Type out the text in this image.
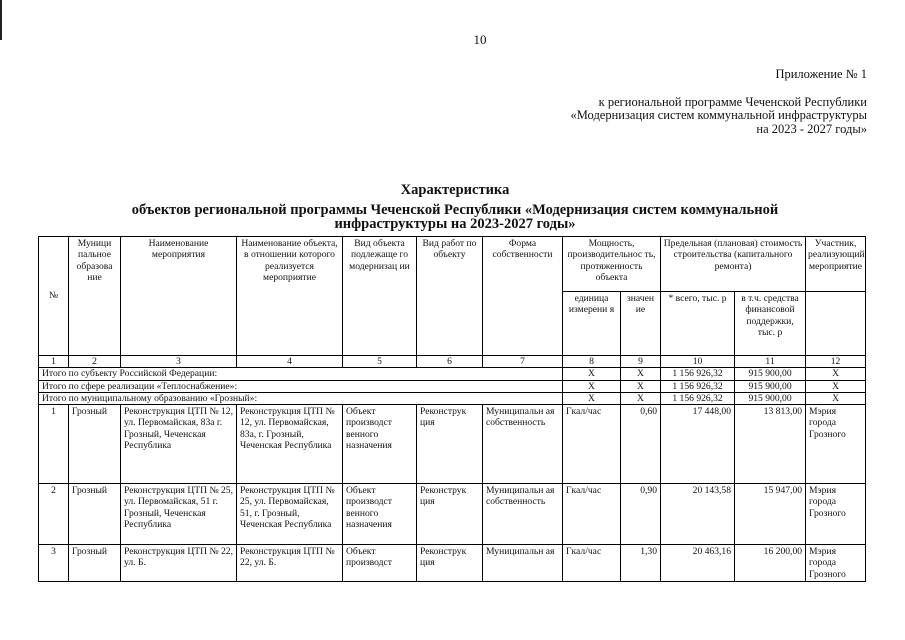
10
Приложение № 1
к региональной программе Чеченской Республики
«Модернизация систем коммунальной инфраструктуры
на 2023 - 2027 годы»
Характеристика
объектов региональной программы Чеченской Республики «Модернизация систем коммунальной
инфраструктуры на 2023-2027 годы»
№	Муници пальное образова ние	Наименование мероприятия	Наименование объекта, в отношении которого реализуется мероприятие	Вид объекта подлежаще го модернизац ии	Вид работ по объекту	Форма собственности	Мощность, производительнос ть, протяженность объекта		Предельная (плановая) стоимость строительства (капитального ремонта)		Участник, реализующий мероприятие
							единица измерени я	значен ие	* всего, тыс. р	в т.ч. средства финансовой поддержки, тыс. р	
1	2	3	4	5	6	7	8	9	10	11	12
Итого по субъекту Российской Федерации:							X	X	1 156 926,32	915 900,00	X
Итого по сфере реализации «Теплоснабжение»:							X	X	1 156 926,32	915 900,00	X
Итого по муниципальному образованию «Грозный»:							X	X	1 156 926,32	915 900,00	X
1	Грозный	Реконструкция ЦТП № 12, ул. Первомайская, 83а г. Грозный, Чеченская Республика	Реконструкция ЦТП № 12, ул. Первомайская, 83а, г. Грозный, Чеченская Республика	Объект производст венного назначения	Реконструк ция	Муниципальн ая собственность	Гкал/час	0,60	17 448,00	13 813,00	Мэрия города Грозного
2	Грозный	Реконструкция ЦТП № 25, ул. Первомайская, 51 г. Грозный, Чеченская Республика	Реконструкция ЦТП № 25, ул. Первомайская, 51, г. Грозный, Чеченская Республика	Объект производст венного назначения	Реконструк ция	Муниципальн ая собственность	Гкал/час	0,90	20 143,58	15 947,00	Мэрия города Грозного
3	Грозный	Реконструкция ЦТП № 22, ул. Б.	Реконструкция ЦТП № 22, ул. Б.	Объект производст	Реконструк ция	Муниципальн ая	Гкал/час	1,30	20 463,16	16 200,00	Мэрия города Грозного
